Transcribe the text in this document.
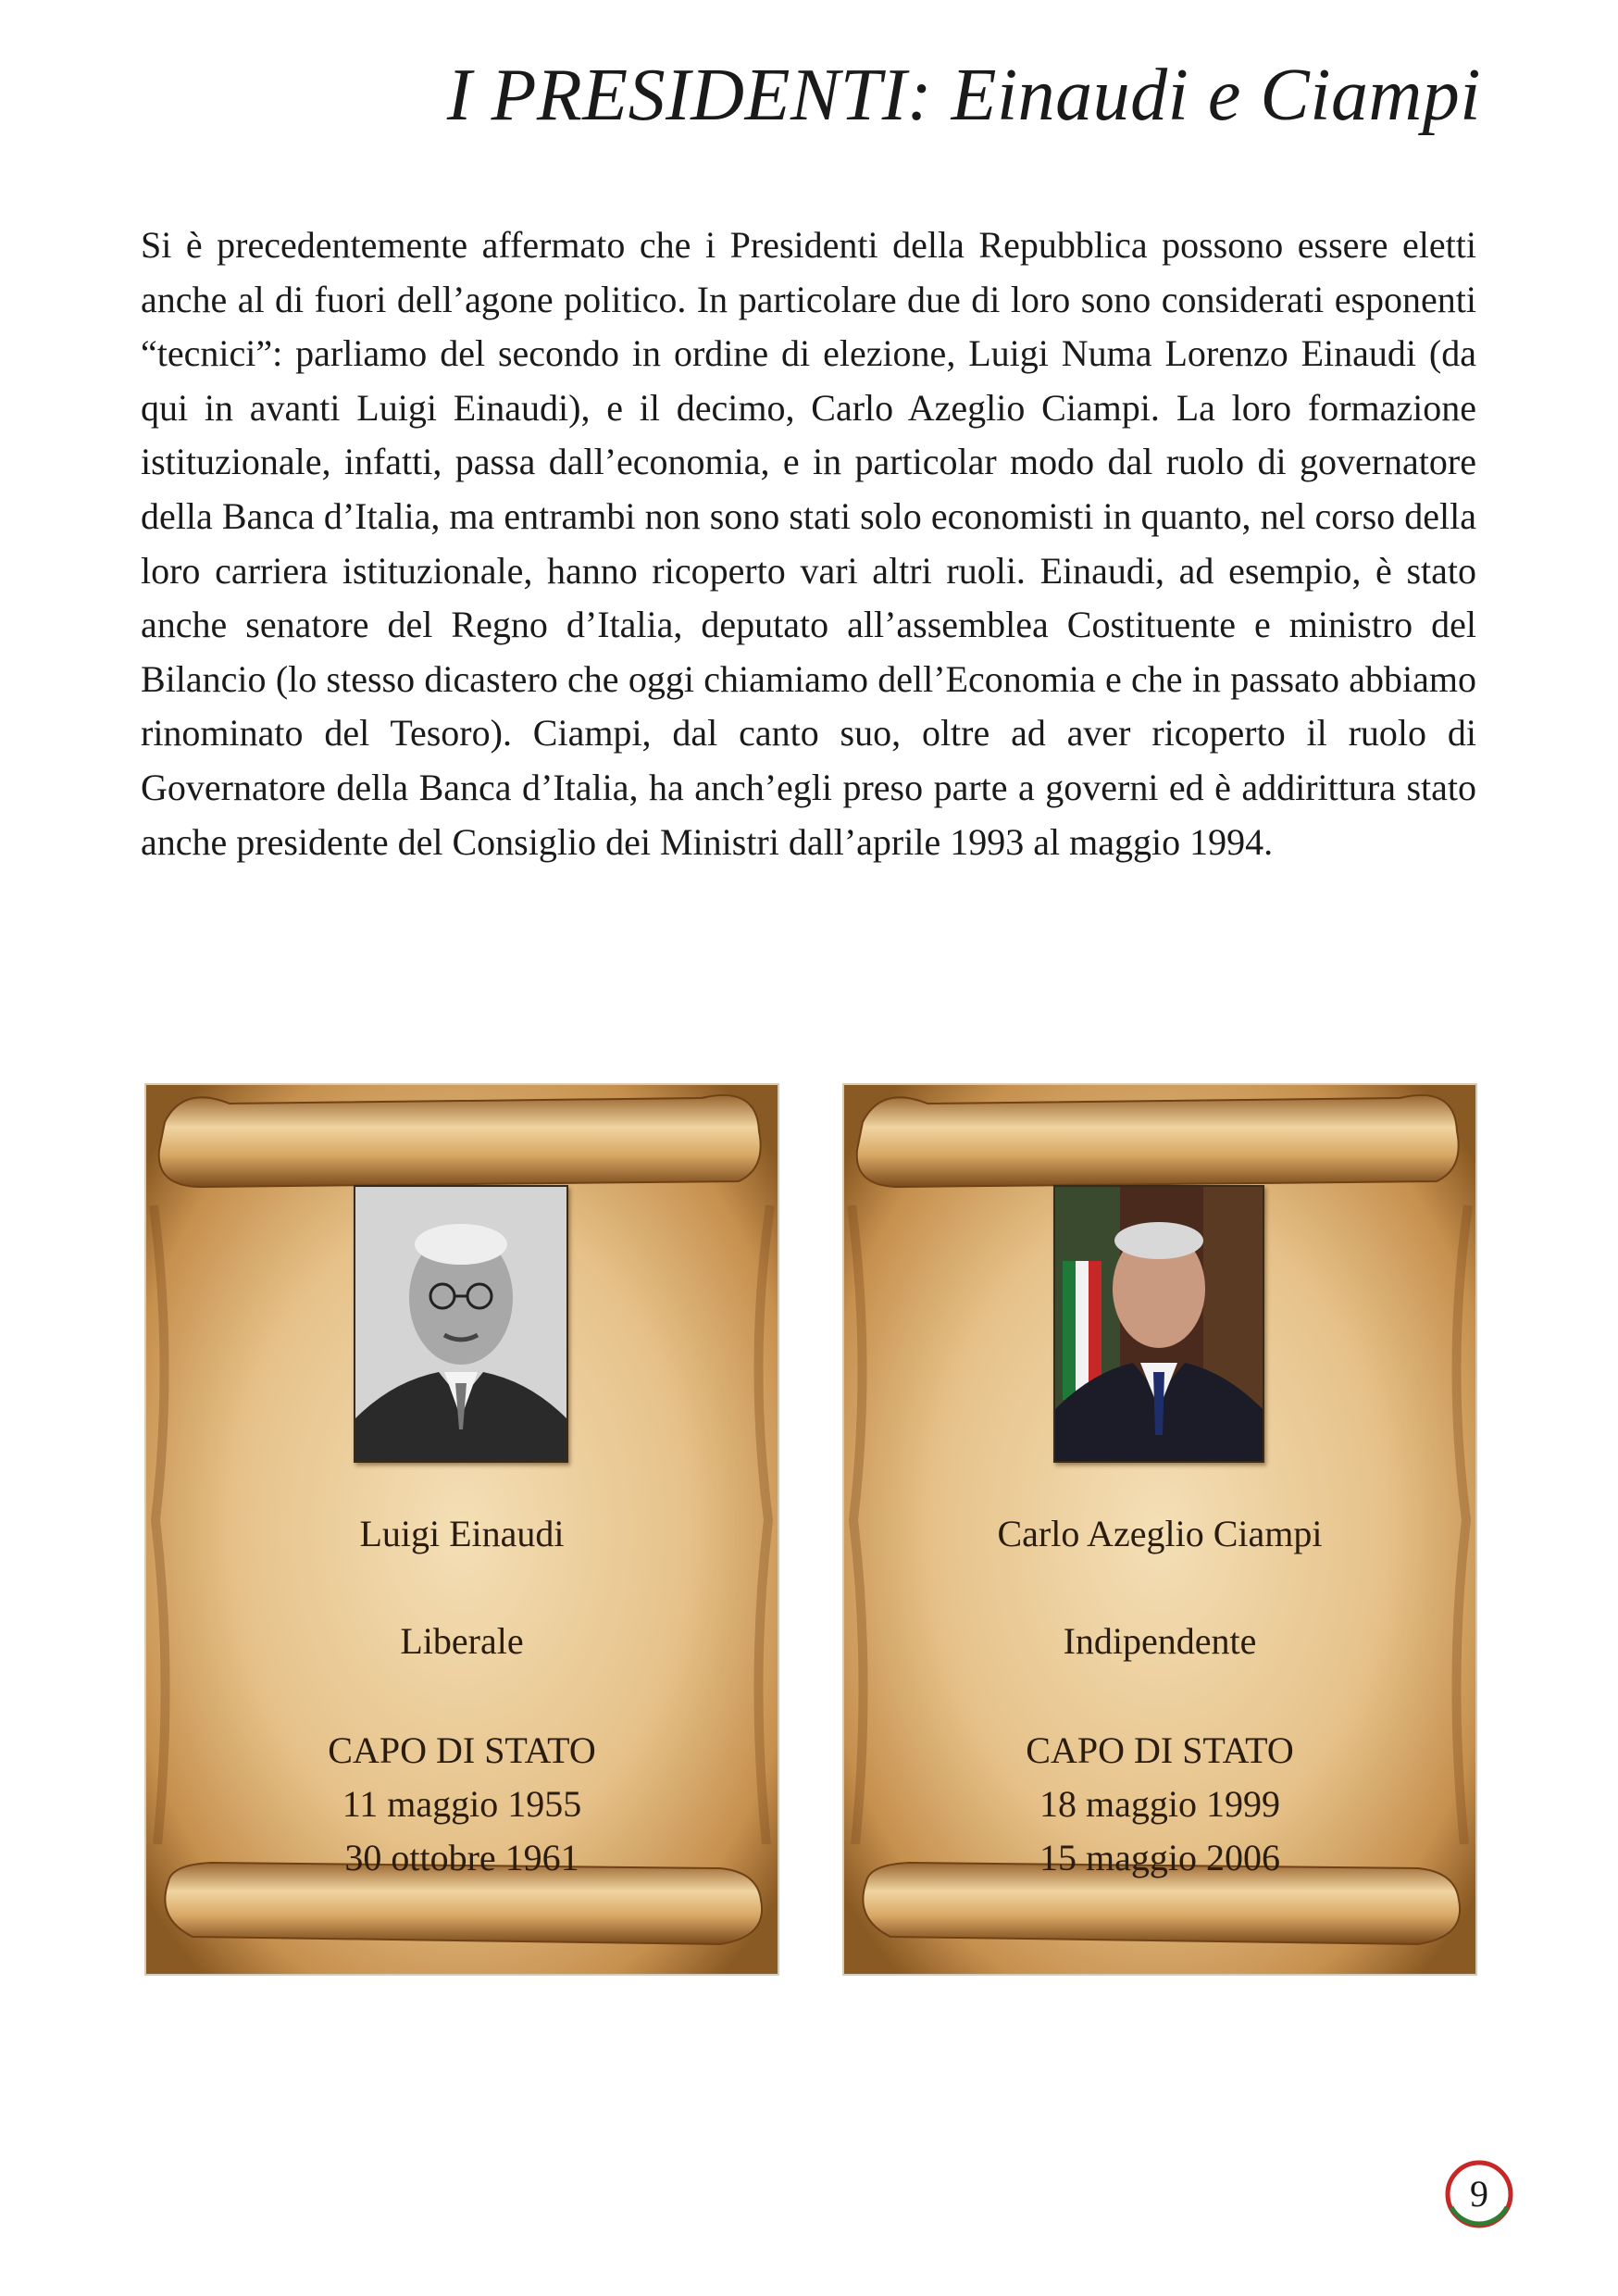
I PRESIDENTI: Einaudi e Ciampi

Si è precedentemente affermato che i Presidenti della Repubblica possono essere eletti anche al di fuori dell’agone politico. In particolare due di loro sono considerati esponenti “tecnici”: parliamo del secondo in ordine di elezione, Luigi Numa Lorenzo Einaudi (da qui in avanti Luigi Einaudi), e il decimo, Carlo Azeglio Ciampi. La loro formazione istituzionale, infatti, passa dall’economia, e in particolar modo dal ruolo di governatore della Banca d’Italia, ma entrambi non sono stati solo economisti in quanto, nel corso della loro carriera istituzionale, hanno ricoperto vari altri ruoli. Einaudi, ad esempio, è stato anche senatore del Regno d’Italia, deputato all’assemblea Costituente e ministro del Bilancio (lo stesso dicastero che oggi chiamiamo dell’Economia e che in passato abbiamo rinominato del Tesoro). Ciampi, dal canto suo, oltre ad aver ricoperto il ruolo di Governatore della Banca d’Italia, ha anch’egli preso parte a governi ed è addirittura stato anche presidente del Consiglio dei Ministri dall’aprile 1993 al maggio 1994.

Luigi Einaudi

Liberale

CAPO DI STATO

11 maggio 1955

30 ottobre 1961

Carlo Azeglio Ciampi

Indipendente

CAPO DI STATO

18 maggio 1999

15 maggio 2006

9
